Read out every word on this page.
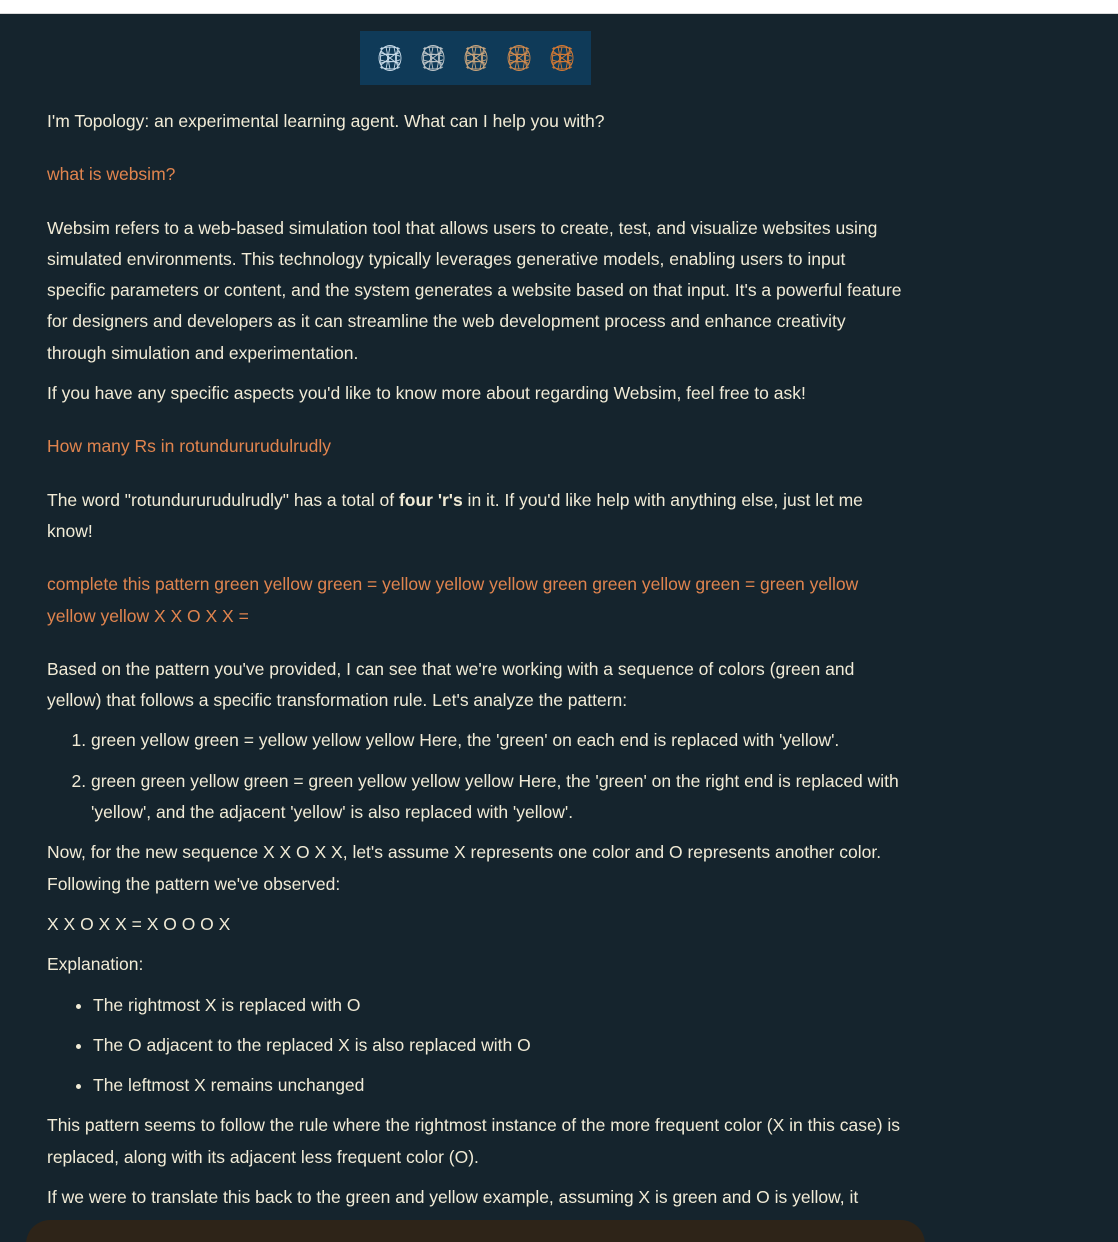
I'm Topology: an experimental learning agent. What can I help you with?

what is websim?

Websim refers to a web-based simulation tool that allows users to create, test, and visualize websites using simulated environments. This technology typically leverages generative models, enabling users to input specific parameters or content, and the system generates a website based on that input. It's a powerful feature for designers and developers as it can streamline the web development process and enhance creativity through simulation and experimentation.

If you have any specific aspects you'd like to know more about regarding Websim, feel free to ask!

How many Rs in rotundururudulrudly

The word "rotundururudulrudly" has a total of four 'r's in it. If you'd like help with anything else, just let me know!

complete this pattern green yellow green = yellow yellow yellow green green yellow green = green yellow yellow yellow X X O X X =

Based on the pattern you've provided, I can see that we're working with a sequence of colors (green and yellow) that follows a specific transformation rule. Let's analyze the pattern:

1. green yellow green = yellow yellow yellow Here, the 'green' on each end is replaced with 'yellow'.
2. green green yellow green = green yellow yellow yellow Here, the 'green' on the right end is replaced with 'yellow', and the adjacent 'yellow' is also replaced with 'yellow'.

Now, for the new sequence X X O X X, let's assume X represents one color and O represents another color. Following the pattern we've observed:

X X O X X = X O O O X

Explanation:

• The rightmost X is replaced with O
• The O adjacent to the replaced X is also replaced with O
• The leftmost X remains unchanged

This pattern seems to follow the rule where the rightmost instance of the more frequent color (X in this case) is replaced, along with its adjacent less frequent color (O).

If we were to translate this back to the green and yellow example, assuming X is green and O is yellow, it
